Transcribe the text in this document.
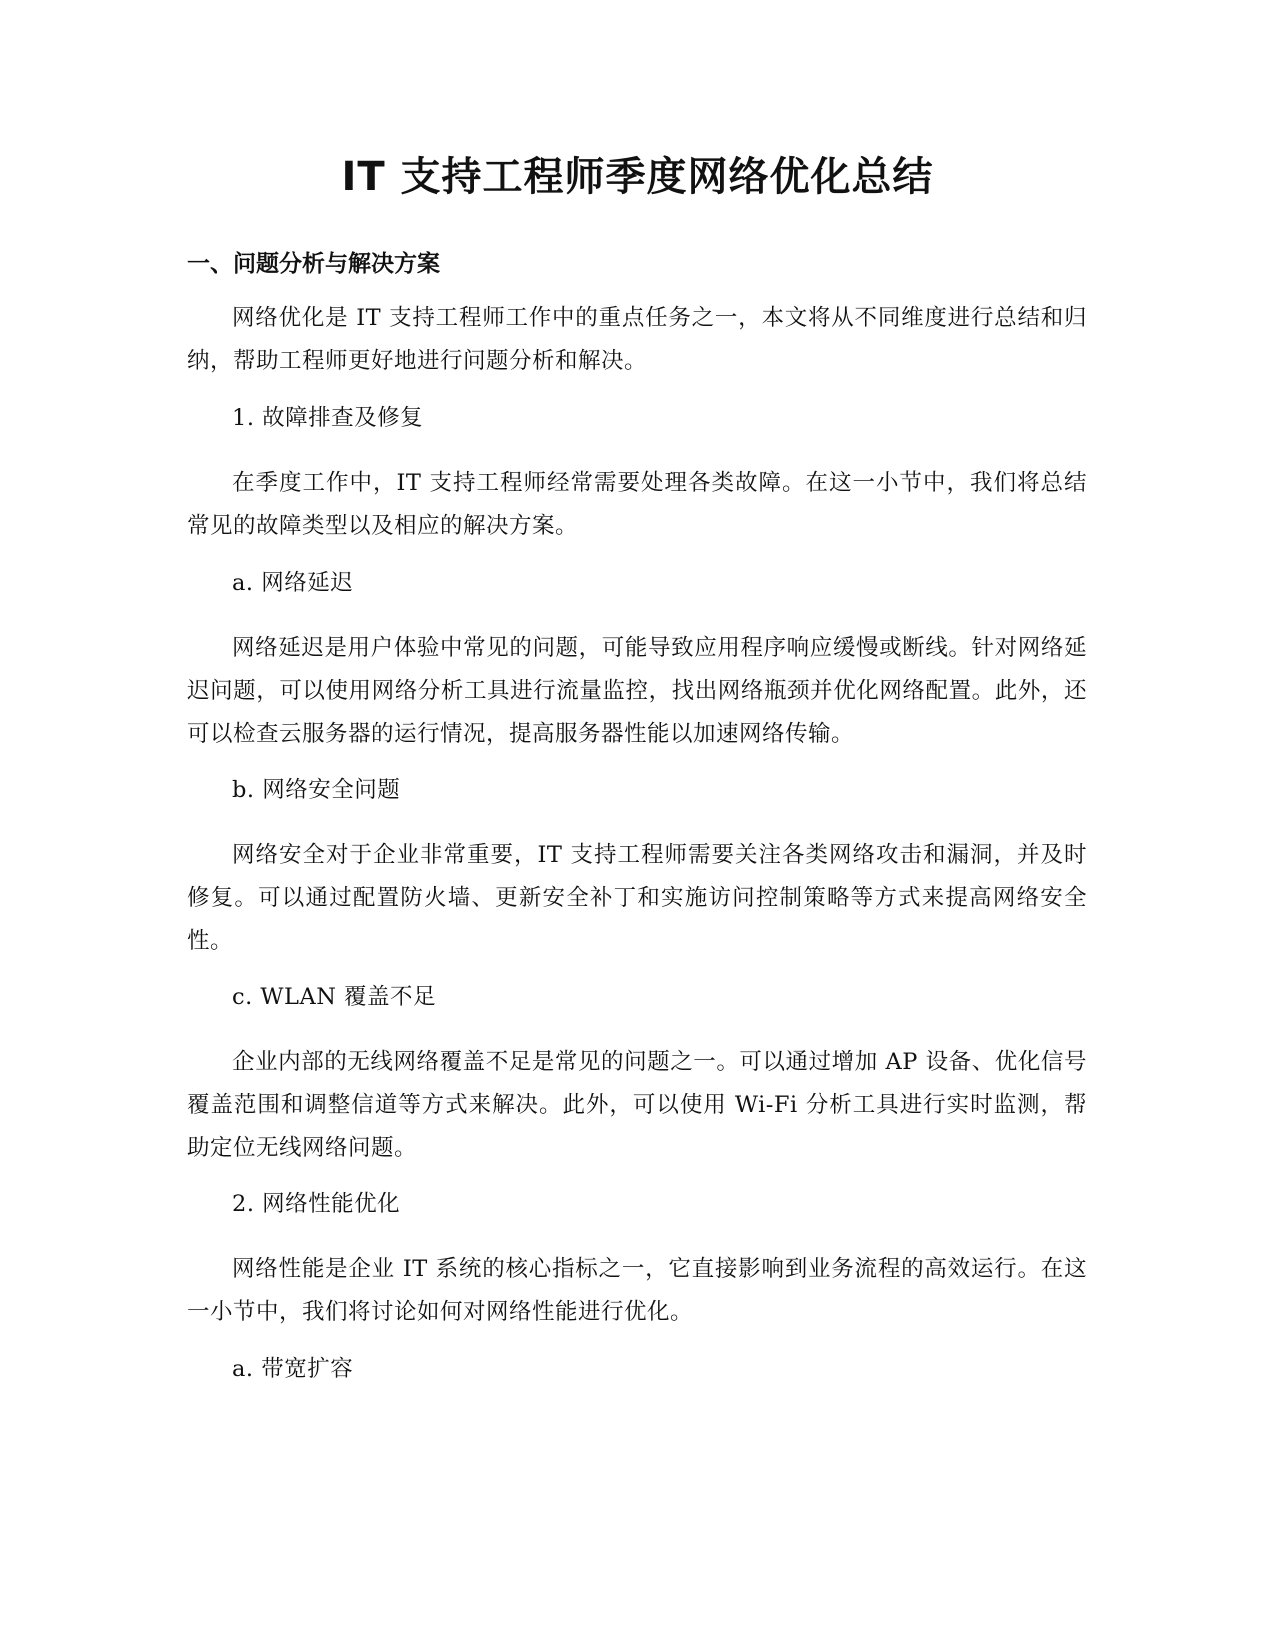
IT 支持工程师季度网络优化总结
一、问题分析与解决方案

网络优化是 IT 支持工程师工作中的重点任务之一，本文将从不同维度进行总结和归纳，帮助工程师更好地进行问题分析和解决。

1. 故障排查及修复

在季度工作中，IT 支持工程师经常需要处理各类故障。在这一小节中，我们将总结常见的故障类型以及相应的解决方案。

a. 网络延迟

网络延迟是用户体验中常见的问题，可能导致应用程序响应缓慢或断线。针对网络延迟问题，可以使用网络分析工具进行流量监控，找出网络瓶颈并优化网络配置。此外，还可以检查云服务器的运行情况，提高服务器性能以加速网络传输。

b. 网络安全问题

网络安全对于企业非常重要，IT 支持工程师需要关注各类网络攻击和漏洞，并及时修复。可以通过配置防火墙、更新安全补丁和实施访问控制策略等方式来提高网络安全性。

c. WLAN 覆盖不足

企业内部的无线网络覆盖不足是常见的问题之一。可以通过增加 AP 设备、优化信号覆盖范围和调整信道等方式来解决。此外，可以使用 Wi-Fi 分析工具进行实时监测，帮助定位无线网络问题。

2. 网络性能优化

网络性能是企业 IT 系统的核心指标之一，它直接影响到业务流程的高效运行。在这一小节中，我们将讨论如何对网络性能进行优化。

a. 带宽扩容
